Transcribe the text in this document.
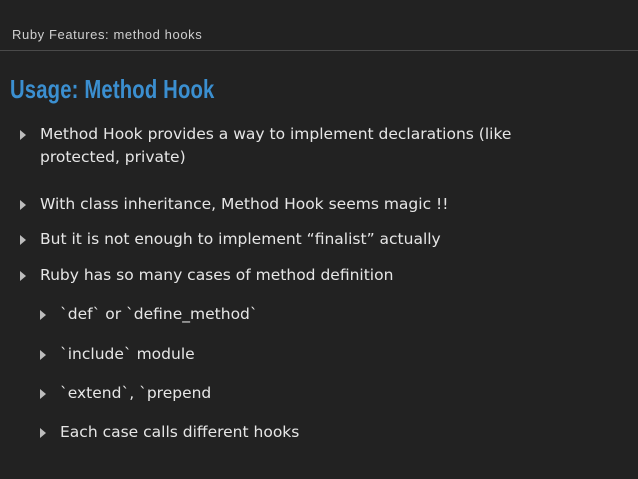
Ruby Features: method hooks
Usage: Method Hook
Method Hook provides a way to implement declarations (like protected, private)
With class inheritance, Method Hook seems magic !!
But it is not enough to implement “finalist” actually
Ruby has so many cases of method definition
`def` or `define_method`
`include` module
`extend`, `prepend
Each case calls different hooks
